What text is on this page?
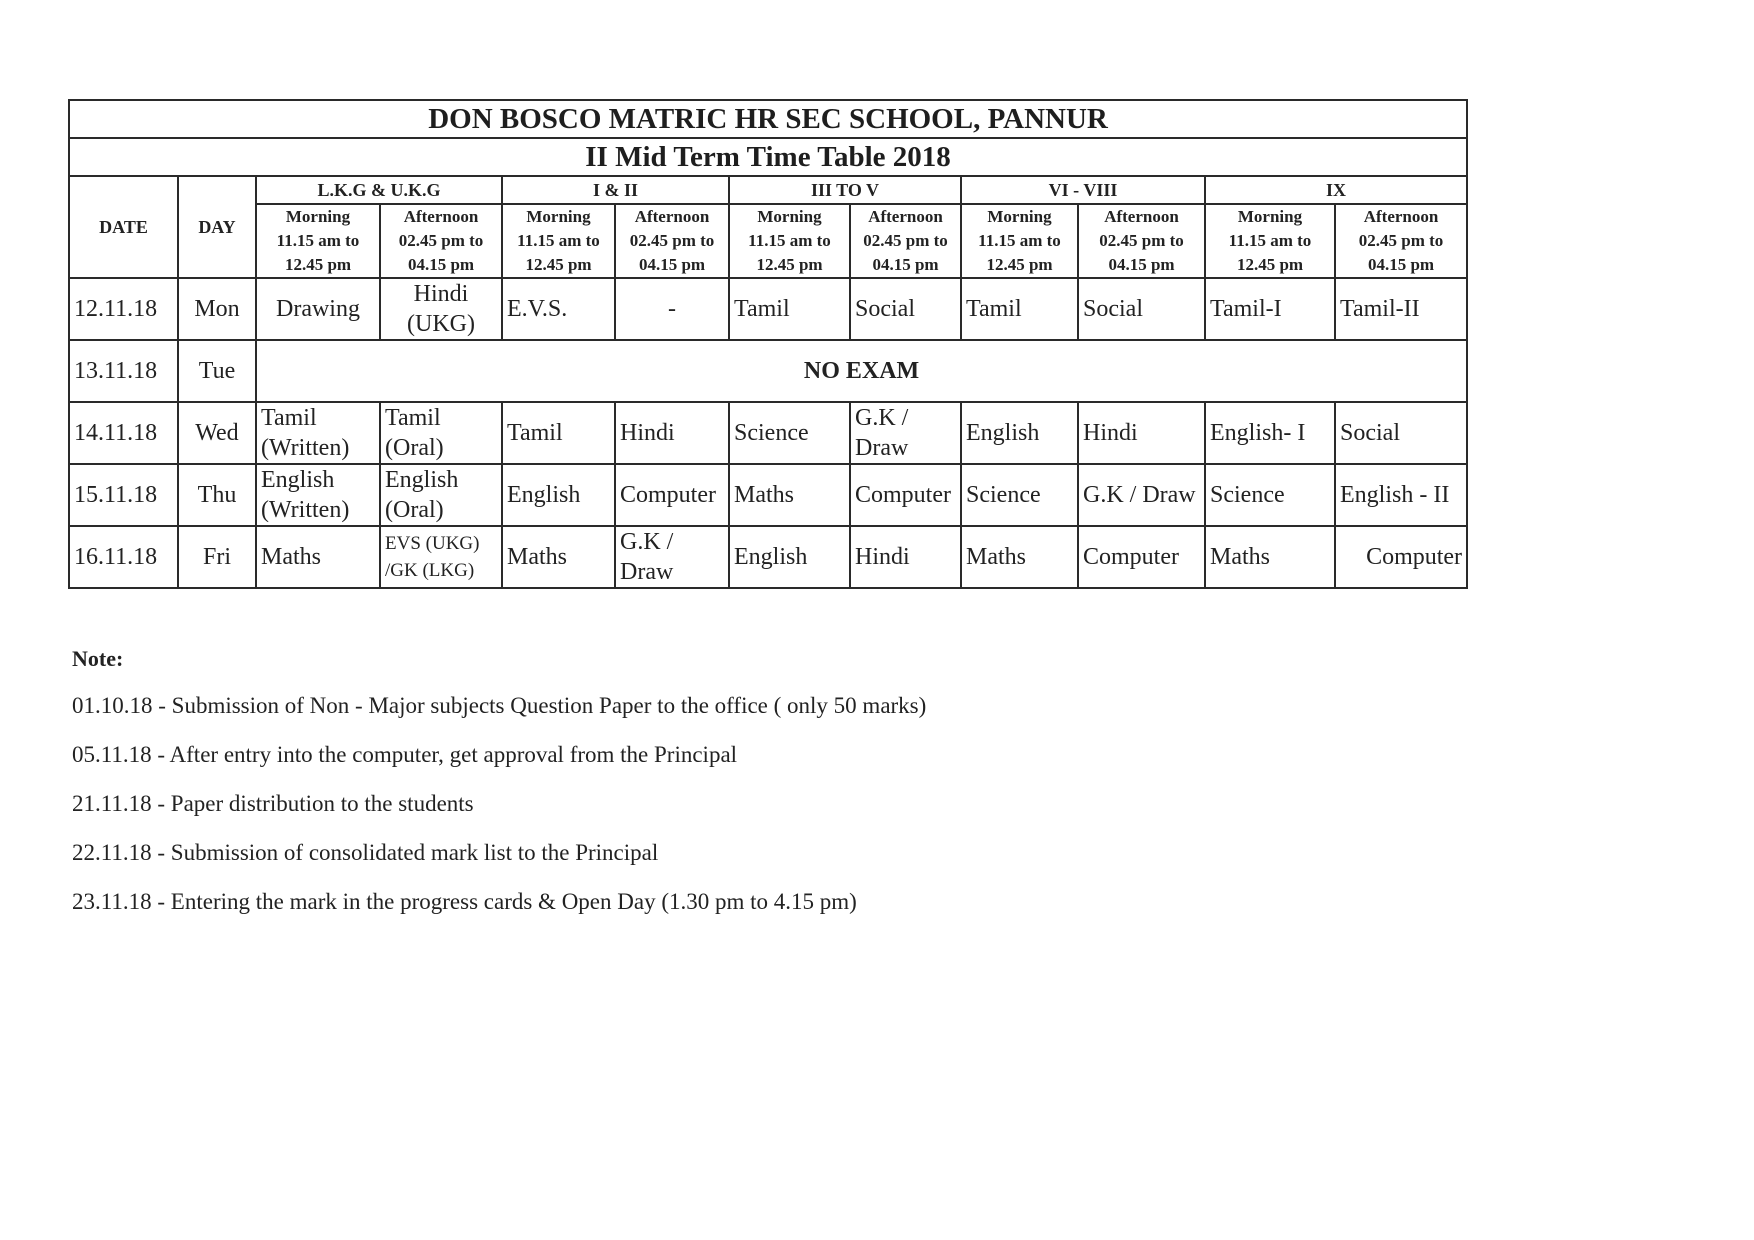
DON BOSCO MATRIC HR SEC SCHOOL, PANNUR											
II Mid Term Time Table 2018											
DATE	DAY	L.K.G & U.K.G		I & II		III TO V		VI - VIII		IX	

		Morning
11.15 am to
12.45 pm	Afternoon
02.45 pm to
04.15 pm	Morning
11.15 am to
12.45 pm	Afternoon
02.45 pm to
04.15 pm	Morning
11.15 am to
12.45 pm	Afternoon
02.45 pm to
04.15 pm	Morning
11.15 am to
12.45 pm	Afternoon
02.45 pm to
04.15 pm	Morning
11.15 am to
12.45 pm	Afternoon
02.45 pm to
04.15 pm

12.11.18	Mon	Drawing	Hindi
(UKG)	E.V.S.	-	Tamil	Social	Tamil	Social	Tamil-I	Tamil-II

13.11.18	Tue	NO EXAM									
14.11.18	Wed	Tamil
(Written)	Tamil
(Oral)	Tamil	Hindi	Science	G.K /
Draw	English	Hindi	English- I	Social

15.11.18	Thu	English
(Written)	English
(Oral)	English	Computer	Maths	Computer	Science	G.K / Draw	Science	English - II

16.11.18	Fri	Maths	EVS (UKG)
/GK (LKG)	Maths	G.K /
Draw	English	Hindi	Maths	Computer	Maths	Computer
Note:
01.10.18 - Submission of Non - Major subjects Question Paper to the office ( only 50 marks)
05.11.18 - After entry into the computer, get approval from the Principal
21.11.18 - Paper distribution to the students
22.11.18 - Submission of consolidated mark list to the Principal
23.11.18 - Entering the mark in the progress cards & Open Day (1.30 pm to 4.15 pm)
